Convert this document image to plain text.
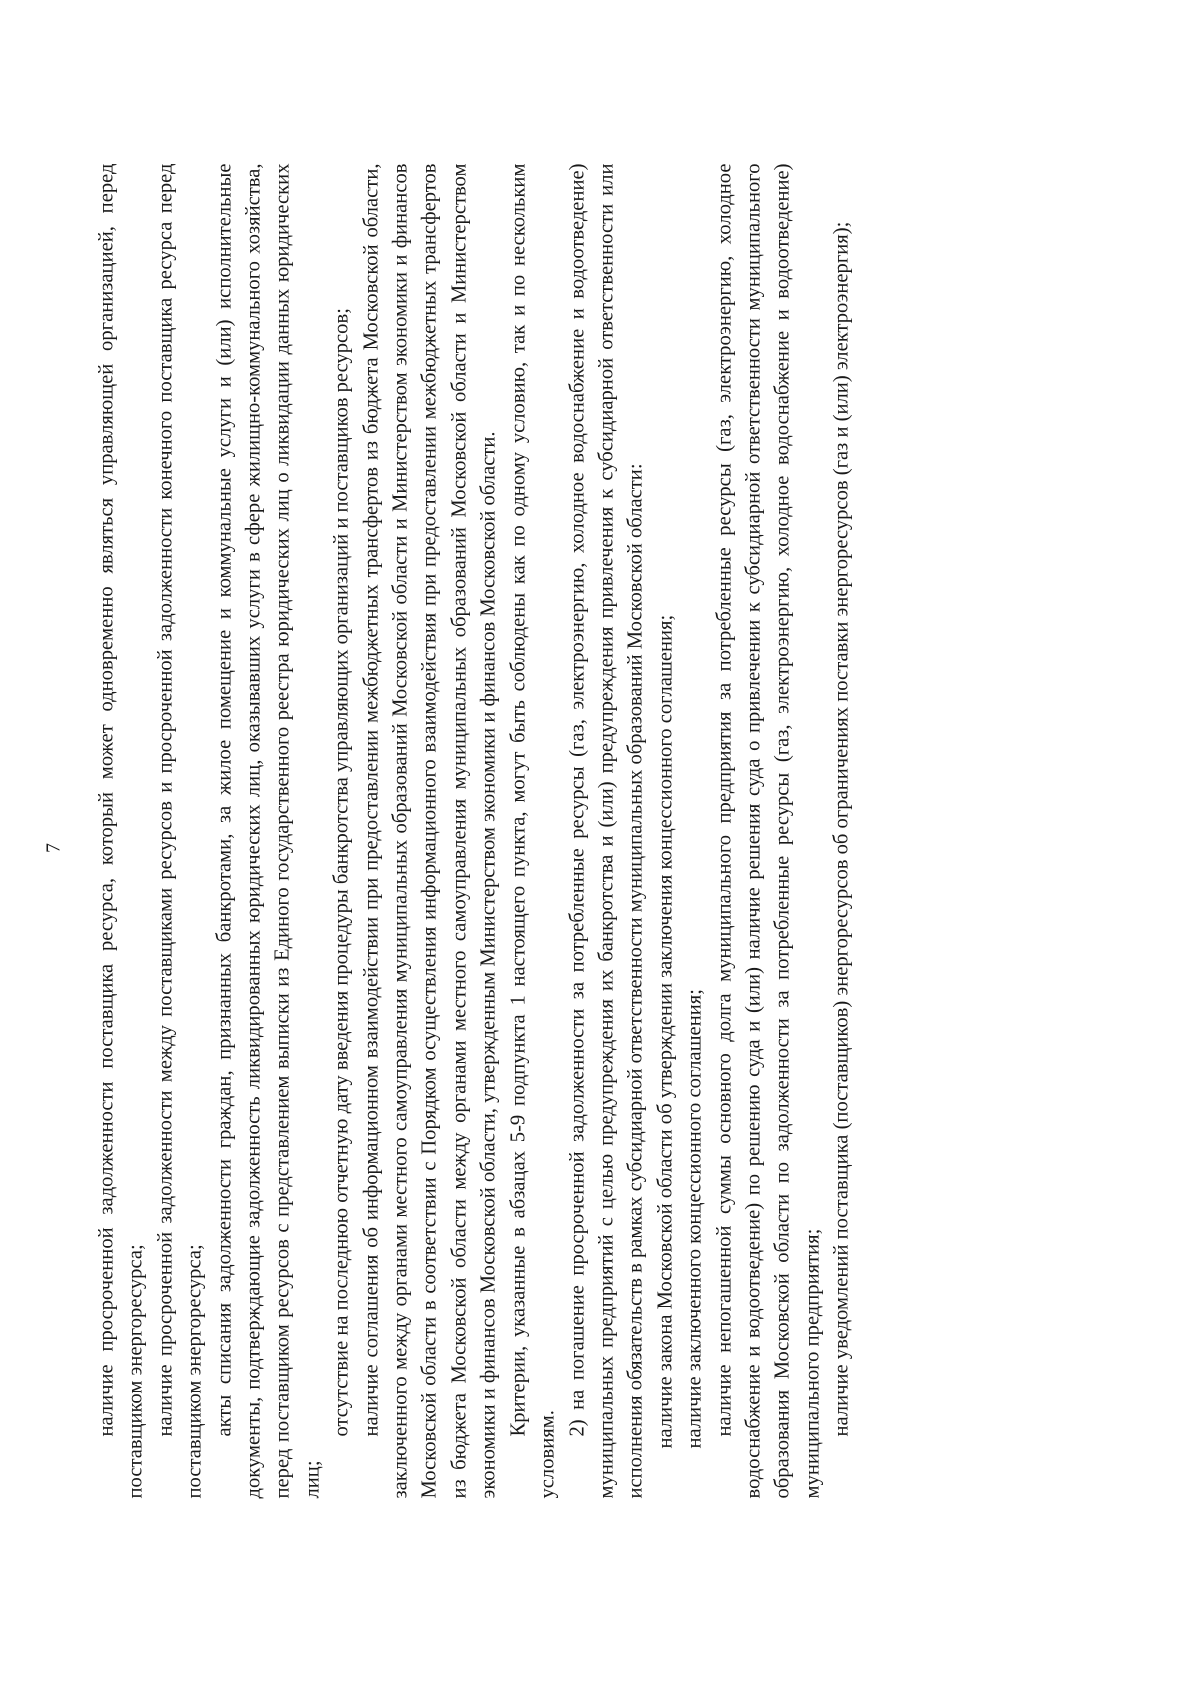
7 наличие просроченной задолженности поставщика ресурса, который может одновременно являться управляющей организацией, перед поставщиком энергоресурса; наличие просроченной задолженности между поставщиками ресурсов и просроченной задолженности конечного поставщика ресурса перед поставщиком энергоресурса; акты списания задолженности граждан, признанных банкротами, за жилое помещение и коммунальные услуги и (или) исполнительные документы, подтверждающие задолженность ликвидированных юридических лиц, оказывавших услуги в сфере жилищно-коммунального хозяйства, перед поставщиком ресурсов с представлением выписки из Единого государственного реестра юридических лиц о ликвидации данных юридических лиц;

отсутствие на последнюю отчетную дату введения процедуры банкротства управляющих организаций и поставщиков ресурсов; наличие соглашения об информационном взаимодействии при предоставлении межбюджетных трансфертов из бюджета Московской области, заключенного между органами местного самоуправления муниципальных образований Московской области и Министерством экономики и финансов Московской области в соответствии с Порядком осуществления информационного взаимодействия при предоставлении межбюджетных трансфертов из бюджета Московской области между органами местного самоуправления муниципальных образований Московской области и Министерством экономики и финансов Московской области, утвержденным Министерством экономики и финансов Московской области. Критерии, указанные в абзацах 5-9 подпункта 1 настоящего пункта, могут быть соблюдены как по одному условию, так и по нескольким условиям.

2) на погашение просроченной задолженности за потребленные ресурсы (газ, электроэнергию, холодное водоснабжение и водоотведение) муниципальных предприятий с целью предупреждения их банкротства и (или) предупреждения привлечения к субсидиарной ответственности или исполнения обязательств в рамках субсидиарной ответственности муниципальных образований Московской области: наличие закона Московской области об утверждении заключения концессионного соглашения; наличие заключенного концессионного соглашения; наличие непогашенной суммы основного долга муниципального предприятия за потребленные ресурсы (газ, электроэнергию, холодное водоснабжение и водоотведение) по решению суда и (или) наличие решения суда о привлечении к субсидиарной ответственности муниципального образования Московской области по задолженности за потребленные ресурсы (газ, электроэнергию, холодное водоснабжение и водоотведение) муниципального предприятия; наличие уведомлений поставщика (поставщиков) энергоресурсов об ограничениях поставки энергоресурсов (газ и (или) электроэнергия);
